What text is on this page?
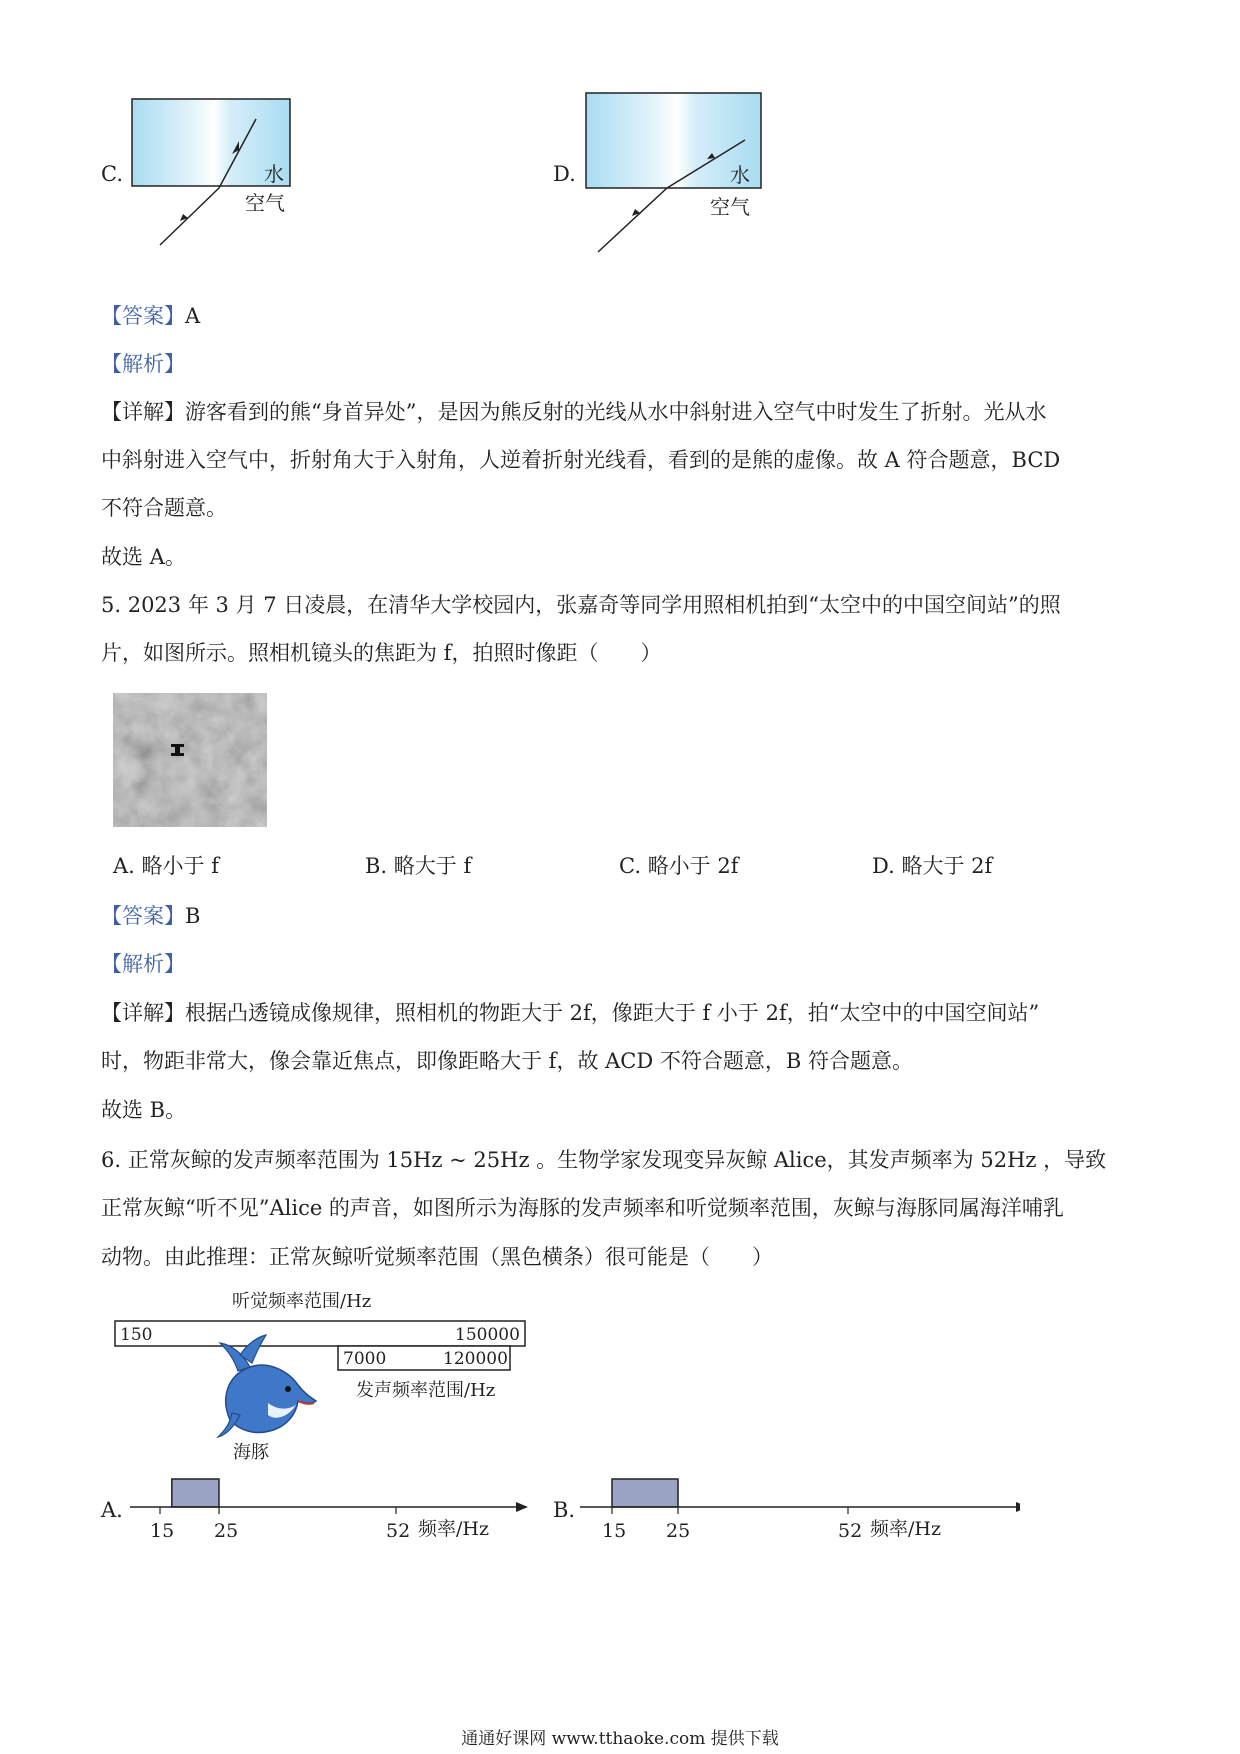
C.	水
空气
D.	水
空气
【答案】A
【解析】
【详解】游客看到的熊“身首异处”，是因为熊反射的光线从水中斜射进入空气中时发生了折射。光从水
中斜射进入空气中，折射角大于入射角，人逆着折射光线看，看到的是熊的虚像。故 A 符合题意，BCD
不符合题意。
故选 A。
5. 2023 年 3 月 7 日凌晨，在清华大学校园内，张嘉奇等同学用照相机拍到“太空中的中国空间站”的照
片，如图所示。照相机镜头的焦距为 f，拍照时像距（　　）
A. 略小于 f	B. 略大于 f	C. 略小于 2f	D. 略大于 2f
【答案】B
【解析】
【详解】根据凸透镜成像规律，照相机的物距大于 2f，像距大于 f 小于 2f，拍“太空中的中国空间站”
时，物距非常大，像会靠近焦点，即像距略大于 f，故 ACD 不符合题意，B 符合题意。
故选 B。
6. 正常灰鲸的发声频率范围为 15Hz ~ 25Hz 。生物学家发现变异灰鲸 Alice，其发声频率为 52Hz ，导致
正常灰鲸“听不见”Alice 的声音，如图所示为海豚的发声频率和听觉频率范围，灰鲸与海豚同属海洋哺乳
动物。由此推理：正常灰鲸听觉频率范围（黑色横条）很可能是（　　）
听觉频率范围/Hz
150	150000
7000	120000
发声频率范围/Hz
海豚
A.
15 25	52 频率/Hz
B.
15 25	52 频率/Hz
通通好课网 www.tthaoke.com 提供下载
